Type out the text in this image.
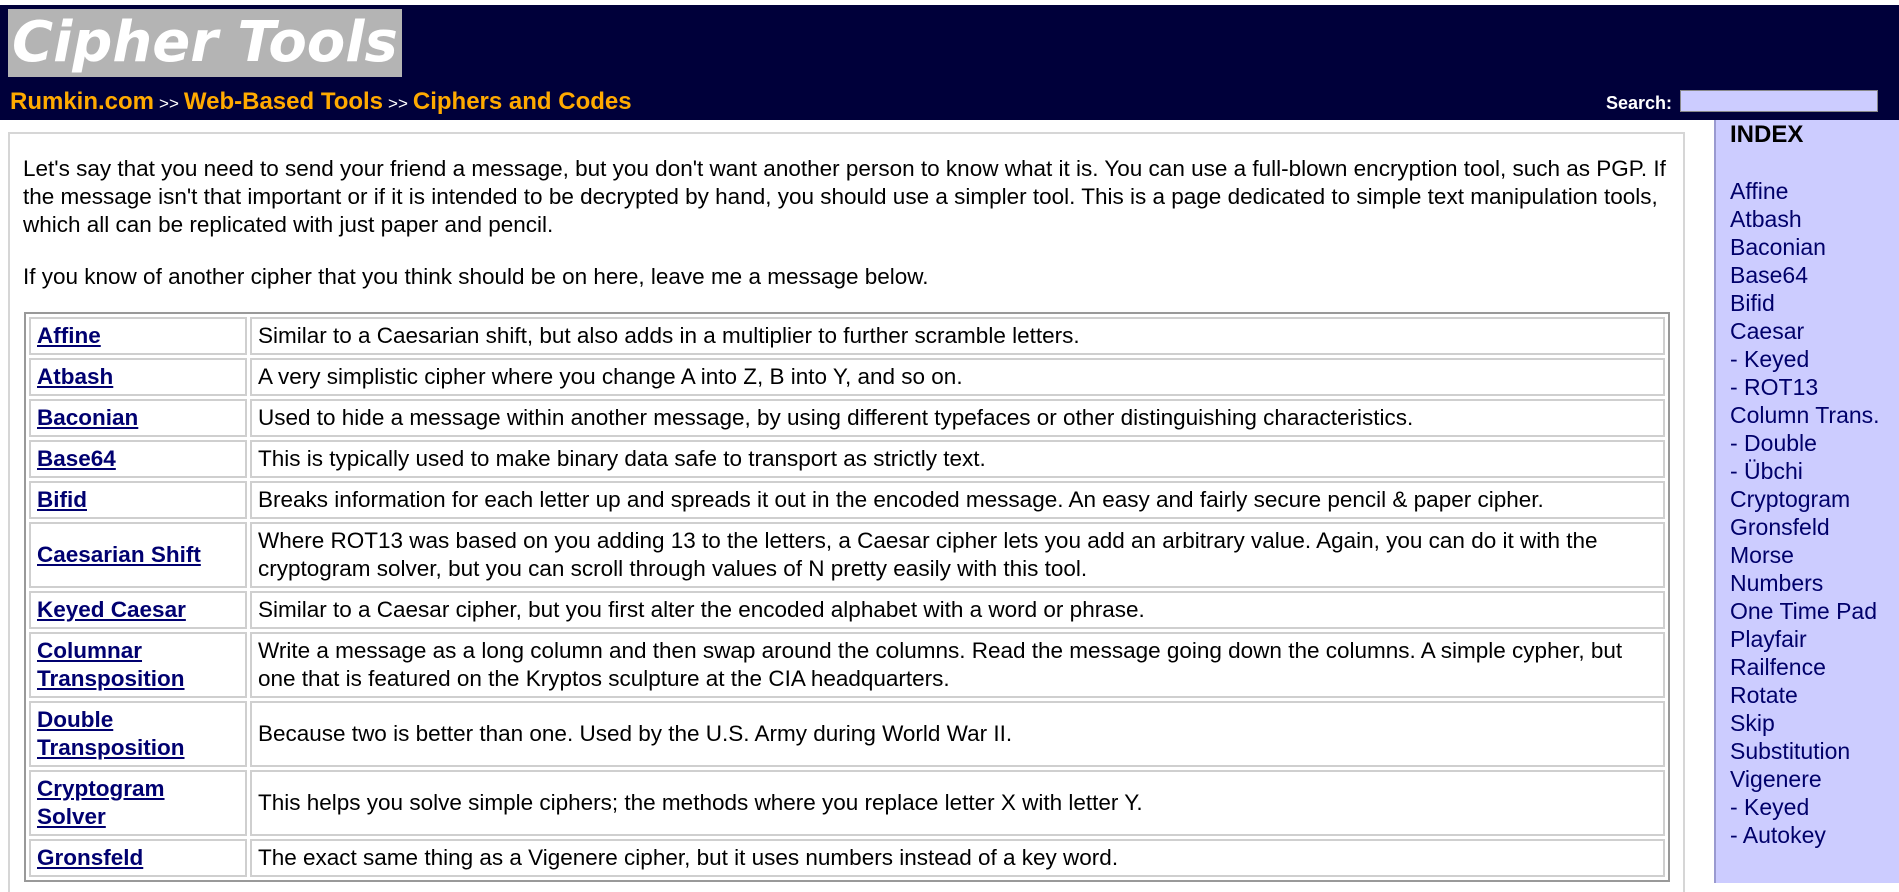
Cipher Tools
Rumkin.com >> Web-Based Tools >> Ciphers and Codes	Search:

Let's say that you need to send your friend a message, but you don't want another person to know what it is. You can use a full-blown encryption tool, such as PGP. If the message isn't that important or if it is intended to be decrypted by hand, you should use a simpler tool. This is a page dedicated to simple text manipulation tools, which all can be replicated with just paper and pencil.

If you know of another cipher that you think should be on here, leave me a message below.

Affine	Similar to a Caesarian shift, but also adds in a multiplier to further scramble letters.
Atbash	A very simplistic cipher where you change A into Z, B into Y, and so on.
Baconian	Used to hide a message within another message, by using different typefaces or other distinguishing characteristics.
Base64	This is typically used to make binary data safe to transport as strictly text.
Bifid	Breaks information for each letter up and spreads it out in the encoded message. An easy and fairly secure pencil & paper cipher.
Caesarian Shift	Where ROT13 was based on you adding 13 to the letters, a Caesar cipher lets you add an arbitrary value. Again, you can do it with the cryptogram solver, but you can scroll through values of N pretty easily with this tool.
Keyed Caesar	Similar to a Caesar cipher, but you first alter the encoded alphabet with a word or phrase.
Columnar Transposition	Write a message as a long column and then swap around the columns. Read the message going down the columns. A simple cypher, but one that is featured on the Kryptos sculpture at the CIA headquarters.
Double Transposition	Because two is better than one. Used by the U.S. Army during World War II.
Cryptogram Solver	This helps you solve simple ciphers; the methods where you replace letter X with letter Y.
Gronsfeld	The exact same thing as a Vigenere cipher, but it uses numbers instead of a key word.
INDEX
Affine
Atbash
Baconian
Base64
Bifid
Caesar
- Keyed
- ROT13
Column Trans.
- Double
- Übchi
Cryptogram
Gronsfeld
Morse
Numbers
One Time Pad
Playfair
Railfence
Rotate
Skip
Substitution
Vigenere
- Keyed
- Autokey
